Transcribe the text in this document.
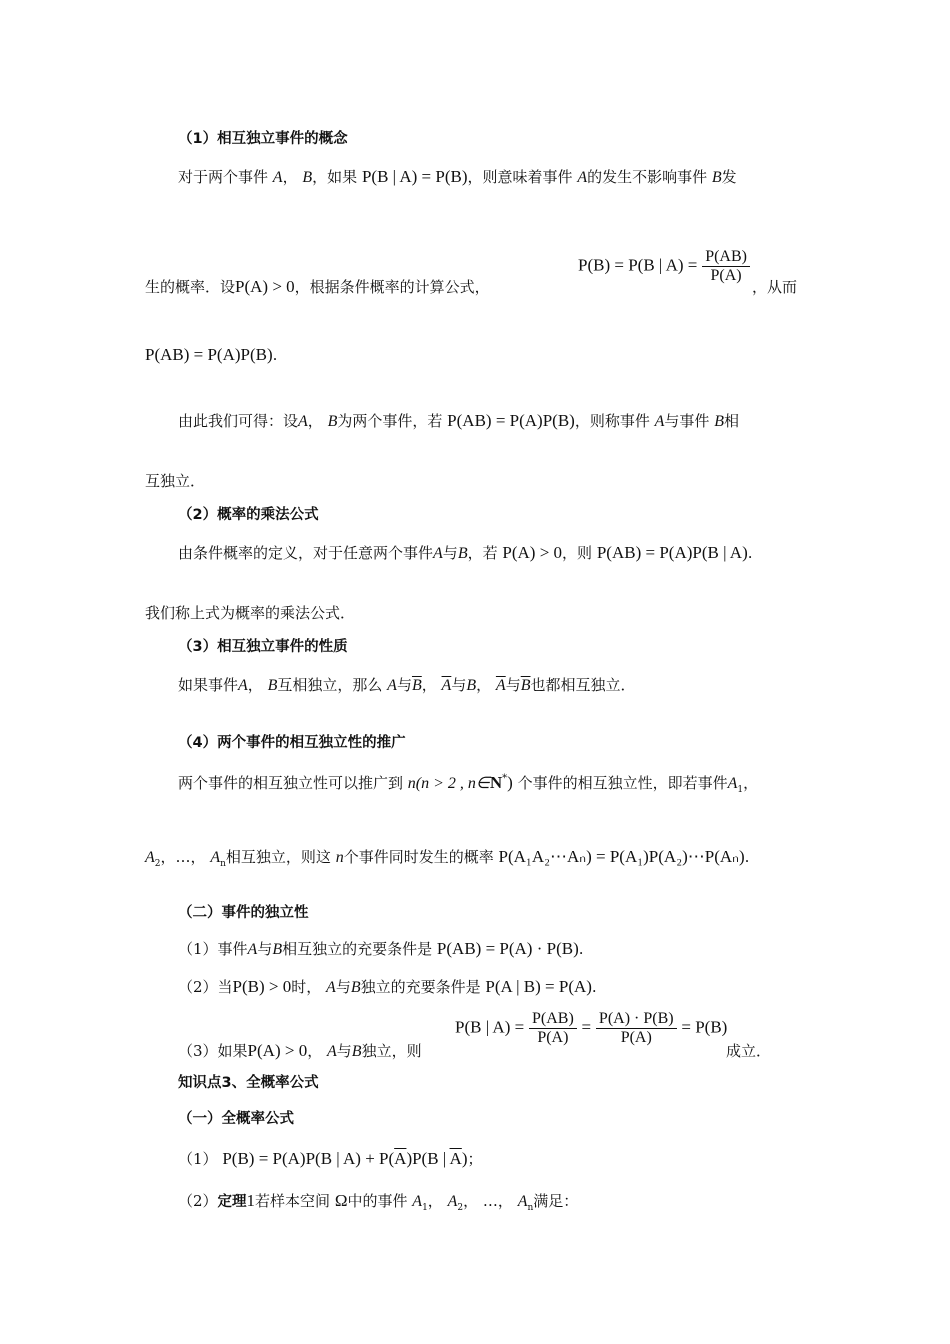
（1）相互独立事件的概念
对于两个事件 A， B，如果 P(B | A) = P(B)，则意味着事件 A的发生不影响事件 B发
生的概率．设P(A) > 0，根据条件概率的计算公式，
P(B) = P(B | $A) = \frac{P(AB)}{P(A)}$
，从而
P(AB) = P(A)P(B).
由此我们可得：设A， B为两个事件，若 P(AB) = P(A)P(B)，则称事件 A与事件 B相
互独立．
（2）概率的乘法公式
由条件概率的定义，对于任意两个事件A与B，若 P(A) > 0，则 P(AB) = P(A)P(B | A).
我们称上式为概率的乘法公式．
（3）相互独立事件的性质
如果事件A， B互相独立，那么 A与$\overline{B}$， $\overline{A}$与B， $\overline{A}$与$\overline{B}$也都相互独立．
（4）两个事件的相互独立性的推广
两个事件的相互独立性可以推广到 n(n > 2 , n∈N*) 个事件的相互独立性，即若事件$A_1$，
$A_2$，…， $A_n$相互独立，则这 n个事件同时发生的概率 P(A₁A₂⋯Aₙ) = P(A₁)P(A₂)⋯P(Aₙ).
（二）事件的独立性
（1）事件A与B相互独立的充要条件是 P(AB) = P(A) · P(B).
（2）当P(B) > 0时， A与B独立的充要条件是 P(A | B) = P(A).
（3）如果P(A) > 0， A与B独立，则
P(B | $A) = \frac{P(AB)}{P(A)} = \frac{P(A) \cdot P(B)}{P(A)} = P(B)$
成立．
知识点3、全概率公式
（一）全概率公式
（1） P(B) = P(A)P(B | $A) + P(\overline{A})P(B$ | $\overline{A}$)；
（2）定理1若样本空间 Ω中的事件 $A_1$， $A_2$， …， $A_n$满足：
